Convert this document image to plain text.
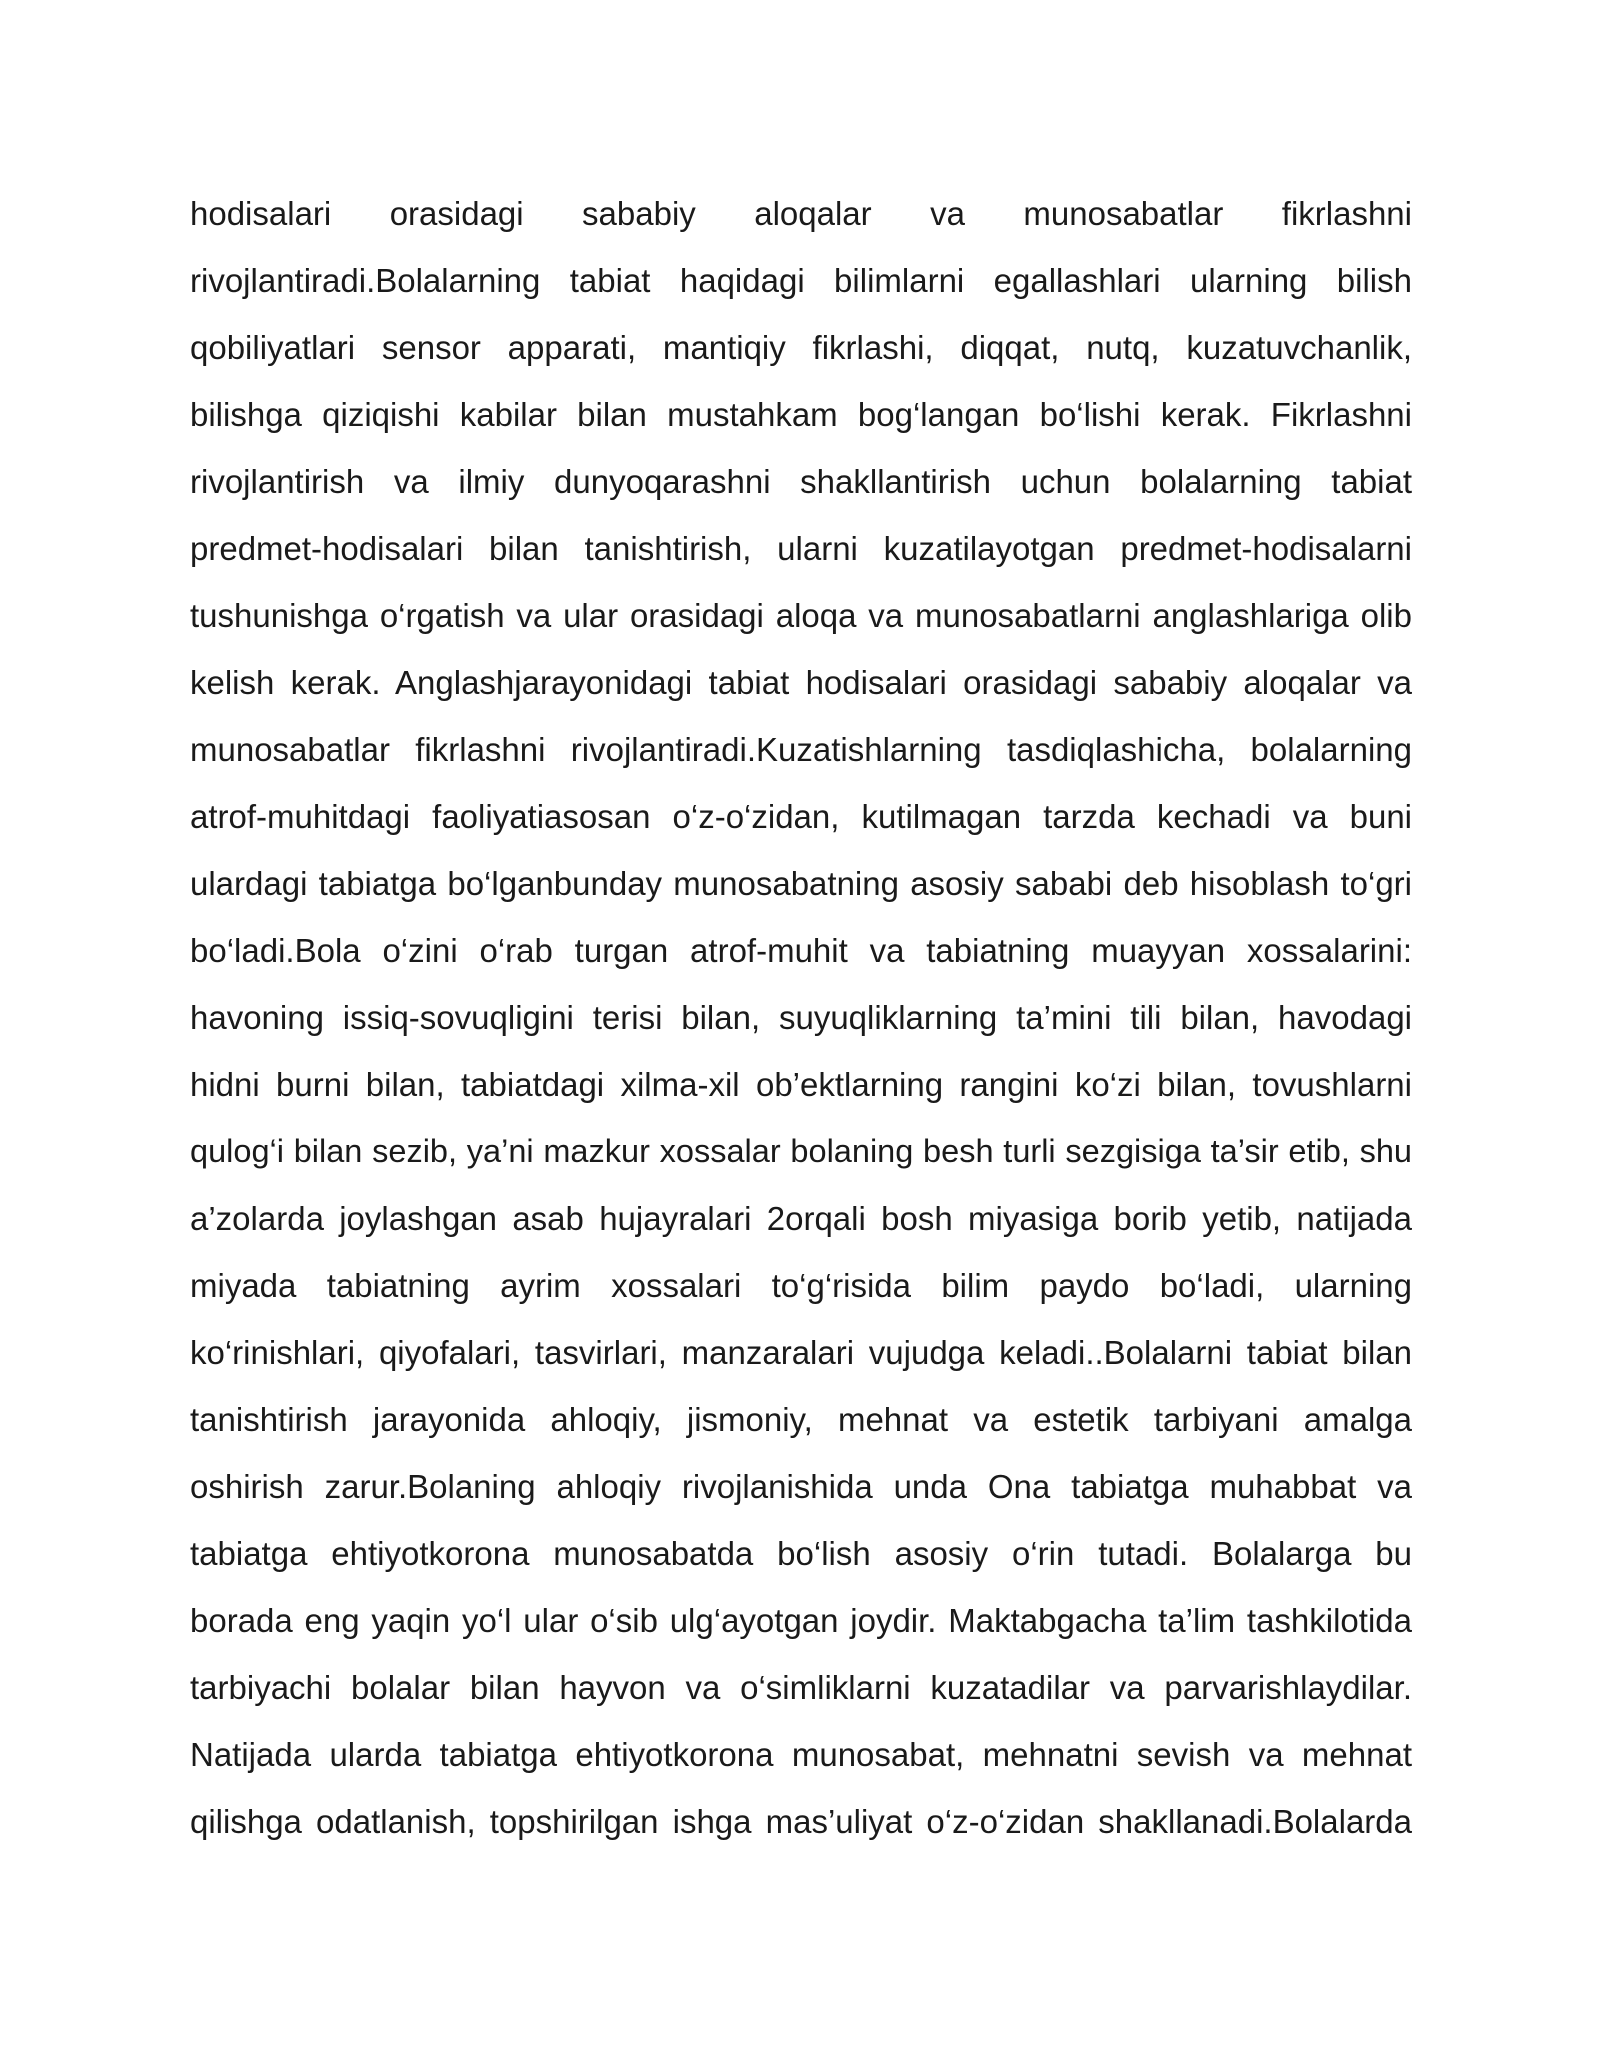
hodisalari orasidagi sababiy aloqalar va munosabatlar fikrlashni
rivojlantiradi.Bolalarning tabiat haqidagi bilimlarni egallashlari ularning bilish
qobiliyatlari sensor apparati, mantiqiy fikrlashi, diqqat, nutq, kuzatuvchanlik,
bilishga qiziqishi kabilar bilan mustahkam bog‘langan bo‘lishi kerak. Fikrlashni
rivojlantirish va ilmiy dunyoqarashni shakllantirish uchun bolalarning tabiat
predmet-hodisalari bilan tanishtirish, ularni kuzatilayotgan predmet-hodisalarni
tushunishga o‘rgatish va ular orasidagi aloqa va munosabatlarni anglashlariga olib
kelish kerak. Anglashjarayonidagi tabiat hodisalari orasidagi sababiy aloqalar va
munosabatlar fikrlashni rivojlantiradi.Kuzatishlarning tasdiqlashicha, bolalarning
atrof-muhitdagi faoliyatiasosan o‘z-o‘zidan, kutilmagan tarzda kechadi va buni
ulardagi tabiatga bo‘lganbunday munosabatning asosiy sababi deb hisoblash to‘gri
bo‘ladi.Bola o‘zini o‘rab turgan atrof-muhit va tabiatning muayyan xossalarini:
havoning issiq-sovuqligini terisi bilan, suyuqliklarning ta’mini tili bilan, havodagi
hidni burni bilan, tabiatdagi xilma-xil ob’ektlarning rangini ko‘zi bilan, tovushlarni
qulog‘i bilan sezib, ya’ni mazkur xossalar bolaning besh turli sezgisiga ta’sir etib, shu
a’zolarda joylashgan asab hujayralari 2orqali bosh miyasiga borib yetib, natijada
miyada tabiatning ayrim xossalari to‘g‘risida bilim paydo bo‘ladi, ularning
ko‘rinishlari, qiyofalari, tasvirlari, manzaralari vujudga keladi..Bolalarni tabiat bilan
tanishtirish jarayonida ahloqiy, jismoniy, mehnat va estetik tarbiyani amalga
oshirish zarur.Bolaning ahloqiy rivojlanishida unda Ona tabiatga muhabbat va
tabiatga ehtiyotkorona munosabatda bo‘lish asosiy o‘rin tutadi. Bolalarga bu
borada eng yaqin yo‘l ular o‘sib ulg‘ayotgan joydir. Maktabgacha ta’lim tashkilotida
tarbiyachi bolalar bilan hayvon va o‘simliklarni kuzatadilar va parvarishlaydilar.
Natijada ularda tabiatga ehtiyotkorona munosabat, mehnatni sevish va mehnat
qilishga odatlanish, topshirilgan ishga mas’uliyat o‘z-o‘zidan shakllanadi.Bolalarda
